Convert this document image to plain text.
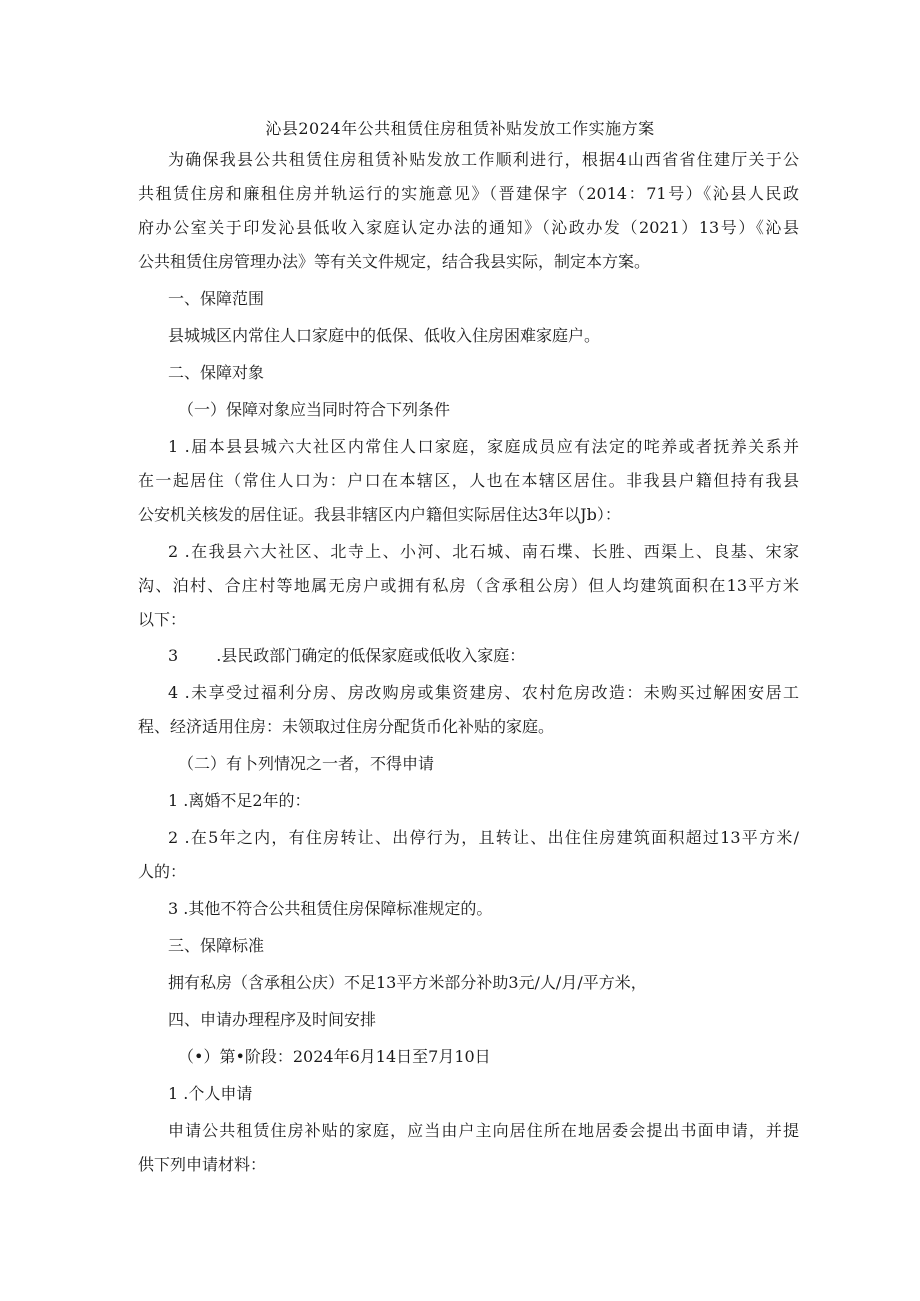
沁县2024年公共租赁住房租赁补贴发放工作实施方案

为确保我县公共租赁住房租赁补贴发放工作顺利进行，根据4山西省省住建厅关于公

共租赁住房和廉租住房并轨运行的实施意见》（晋建保字（2014：71号）《沁县人民政

府办公室关于印发沁县低收入家庭认定办法的通知》（沁政办发（2021）13号）《沁县

公共租赁住房管理办法》等有关文件规定，结合我县实际，制定本方案。

一、保障范围

县城城区内常住人口家庭中的低保、低收入住房困难家庭户。

二、保障对象

（一）保障对象应当同时符合下列条件

1 .届本县县城六大社区内常住人口家庭，家庭成员应有法定的咤养或者抚养关系并

在一起居住（常住人口为：户口在本辖区，人也在本辖区居住。非我县户籍但持有我县

公安机关核发的居住证。我县非辖区内户籍但实际居住达3年以Jb）：

2 .在我县六大社区、北寺上、小河、北石城、南石堞、长胜、西渠上、良基、宋家

沟、泊村、合庄村等地属无房户或拥有私房（含承租公房）但人均建筑面积在13平方米

以下：

3 .县民政部门确定的低保家庭或低收入家庭：

4 .未享受过福利分房、房改购房或集资建房、农村危房改造：未购买过解困安居工

程、经济适用住房：未领取过住房分配货币化补贴的家庭。

（二）有卜列情况之一者，不得申请

1 .离婚不足2年的：

2 .在5年之内，有住房转让、出停行为，且转让、出住住房建筑面积超过13平方米/

人的：

3 .其他不符合公共租赁住房保障标准规定的。

三、保障标准

拥有私房（含承租公庆）不足13平方米部分补助3元/人/月/平方米，

四、申请办理程序及时间安排

（•）第•阶段：2024年6月14日至7月10日

1 .个人申请

申请公共租赁住房补贴的家庭，应当由户主向居住所在地居委会提出书面申请，并提

供下列申请材料：
